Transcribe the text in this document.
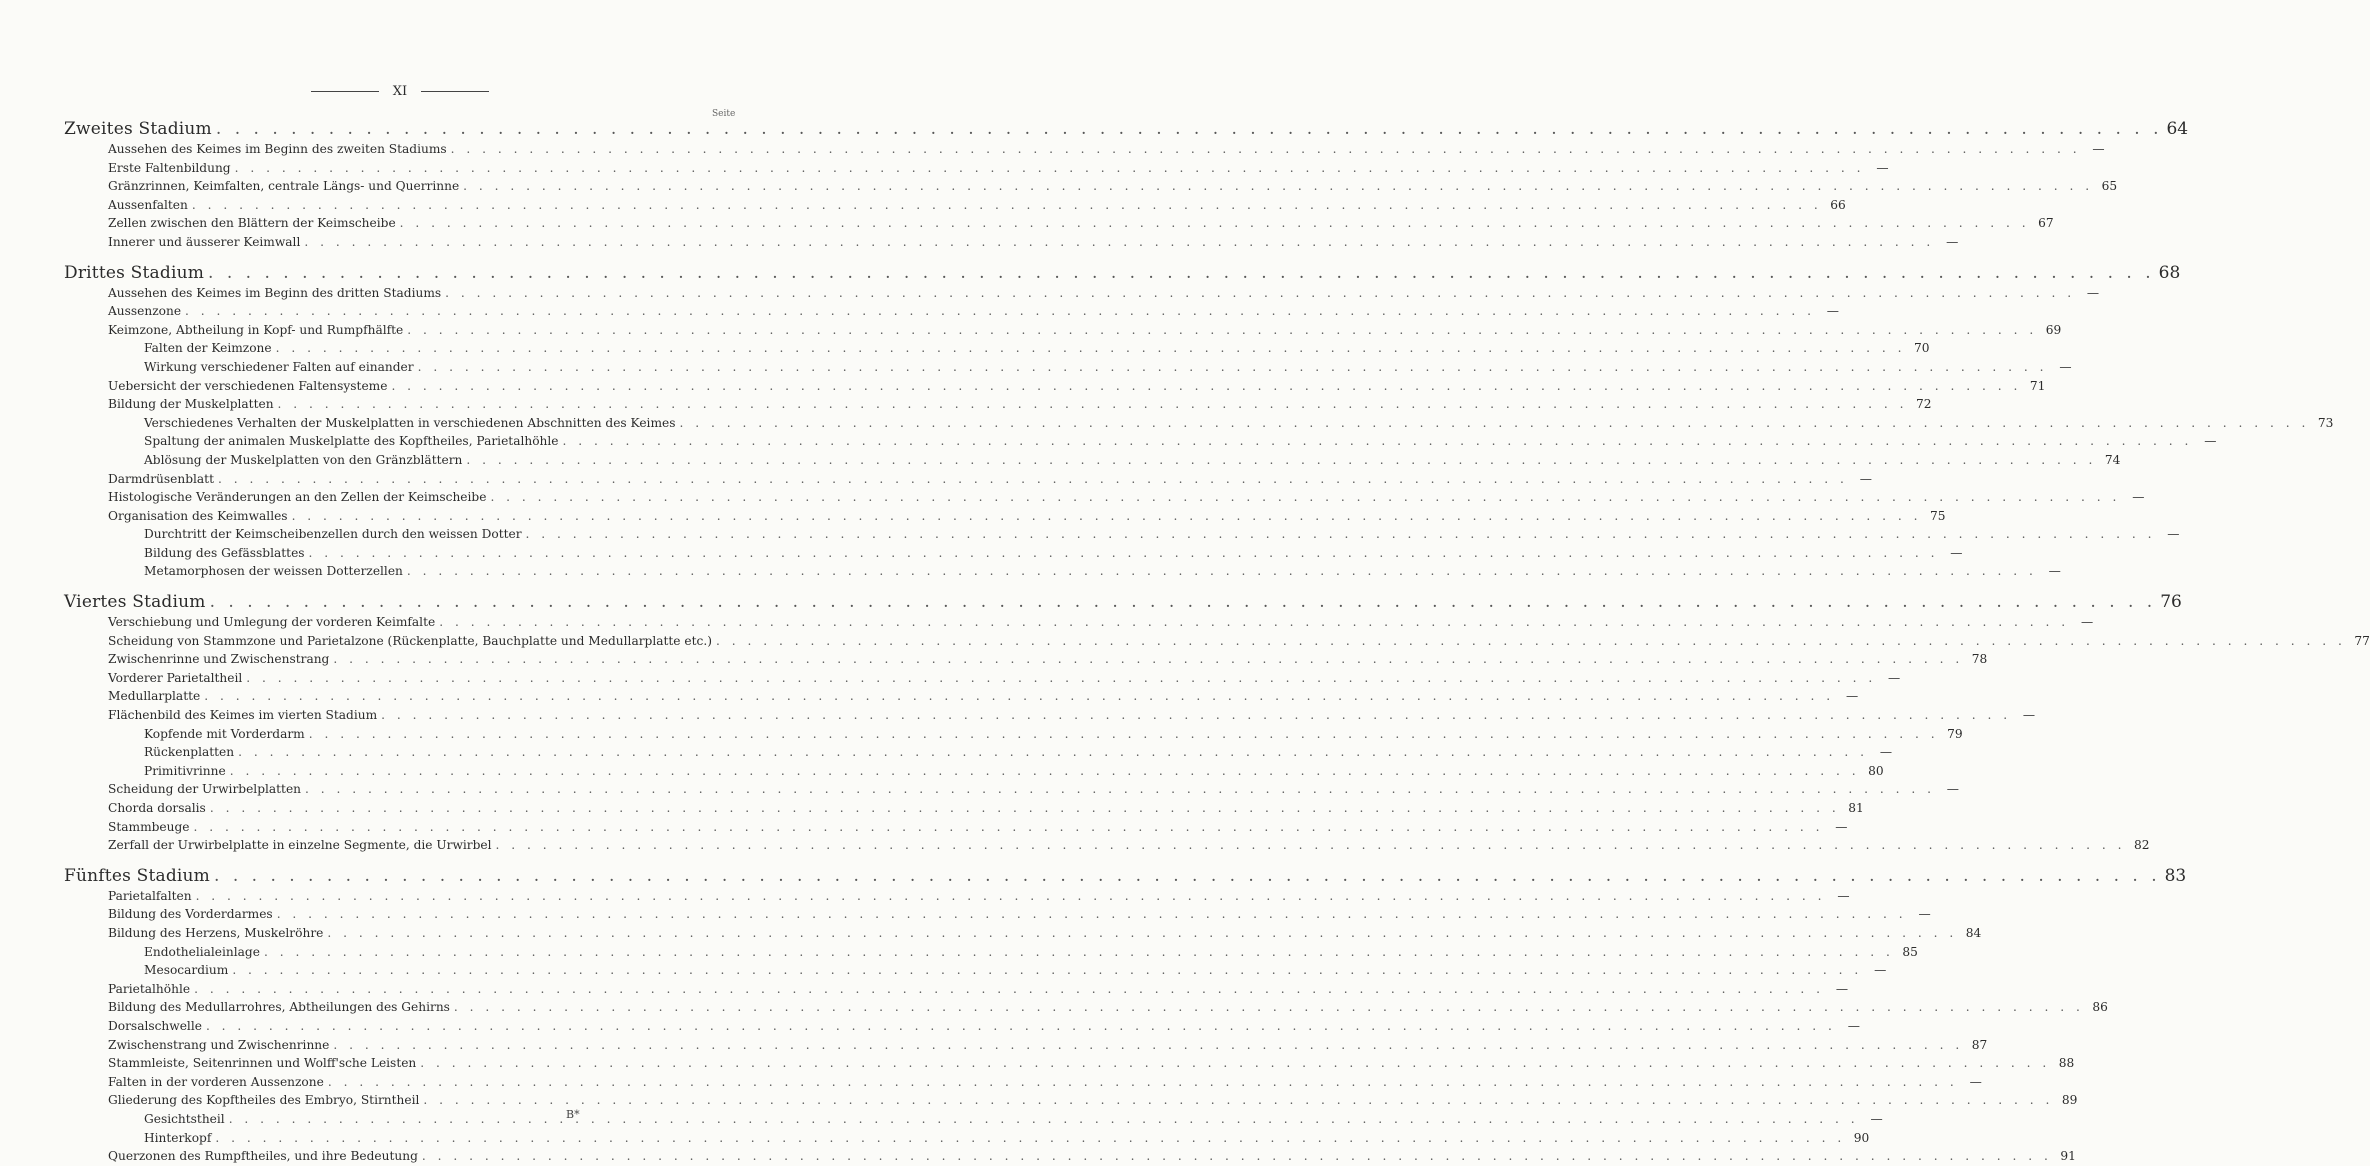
XI
Seite
Zweites Stadium . . .	64
Aussehen des Keimes im Beginn des zweiten Stadiums . . .	—
Erste Faltenbildung . . .	—
Gränzrinnen, Keimfalten, centrale Längs- und Querrinne . . .	65
Aussenfalten . . .	66
Zellen zwischen den Blättern der Keimscheibe . . .	67
Innerer und äusserer Keimwall . . .	—
Drittes Stadium . . .	68
Aussehen des Keimes im Beginn des dritten Stadiums . . .	—
Aussenzone . . .	—
Keimzone, Abtheilung in Kopf- und Rumpfhälfte . . .	69
Falten der Keimzone . . .	70
Wirkung verschiedener Falten auf einander . . .	—
Uebersicht der verschiedenen Faltensysteme . . .	71
Bildung der Muskelplatten . . .	72
Verschiedenes Verhalten der Muskelplatten in verschiedenen Abschnitten des Keimes . . .	73
Spaltung der animalen Muskelplatte des Kopftheiles, Parietalhöhle . . .	—
Ablösung der Muskelplatten von den Gränzblättern . . .	74
Darmdrüsenblatt . . .	—
Histologische Veränderungen an den Zellen der Keimscheibe . . .	—
Organisation des Keimwalles . . .	75
Durchtritt der Keimscheibenzellen durch den weissen Dotter . . .	—
Bildung des Gefässblattes . . .	—
Metamorphosen der weissen Dotterzellen . . .	—
Viertes Stadium . . .	76
Verschiebung und Umlegung der vorderen Keimfalte . . .	—
Scheidung von Stammzone und Parietalzone (Rückenplatte, Bauchplatte und Medullarplatte etc.) . . .	77
Zwischenrinne und Zwischenstrang . . .	78
Vorderer Parietaltheil . . .	—
Medullarplatte . . .	—
Flächenbild des Keimes im vierten Stadium . . .	—
Kopfende mit Vorderdarm . . .	79
Rückenplatten . . .	—
Primitivrinne . . .	80
Scheidung der Urwirbelplatten . . .	—
Chorda dorsalis . . .	81
Stammbeuge . . .	—
Zerfall der Urwirbelplatte in einzelne Segmente, die Urwirbel . . .	82
Fünftes Stadium . . .	83
Parietalfalten . . .	—
Bildung des Vorderdarmes . . .	—
Bildung des Herzens, Muskelröhre . . .	84
Endothelialeinlage . . .	85
Mesocardium . . .	—
Parietalhöhle . . .	—
Bildung des Medullarrohres, Abtheilungen des Gehirns . . .	86
Dorsalschwelle . . .	—
Zwischenstrang und Zwischenrinne . . .	87
Stammleiste, Seitenrinnen und Wolff'sche Leisten . . .	88
Falten in der vorderen Aussenzone . . .	—
Gliederung des Kopftheiles des Embryo, Stirntheil . . .	89
Gesichtstheil . . .	—
Hinterkopf . . .	90
Querzonen des Rumpftheiles, und ihre Bedeutung . . .	91
B*
